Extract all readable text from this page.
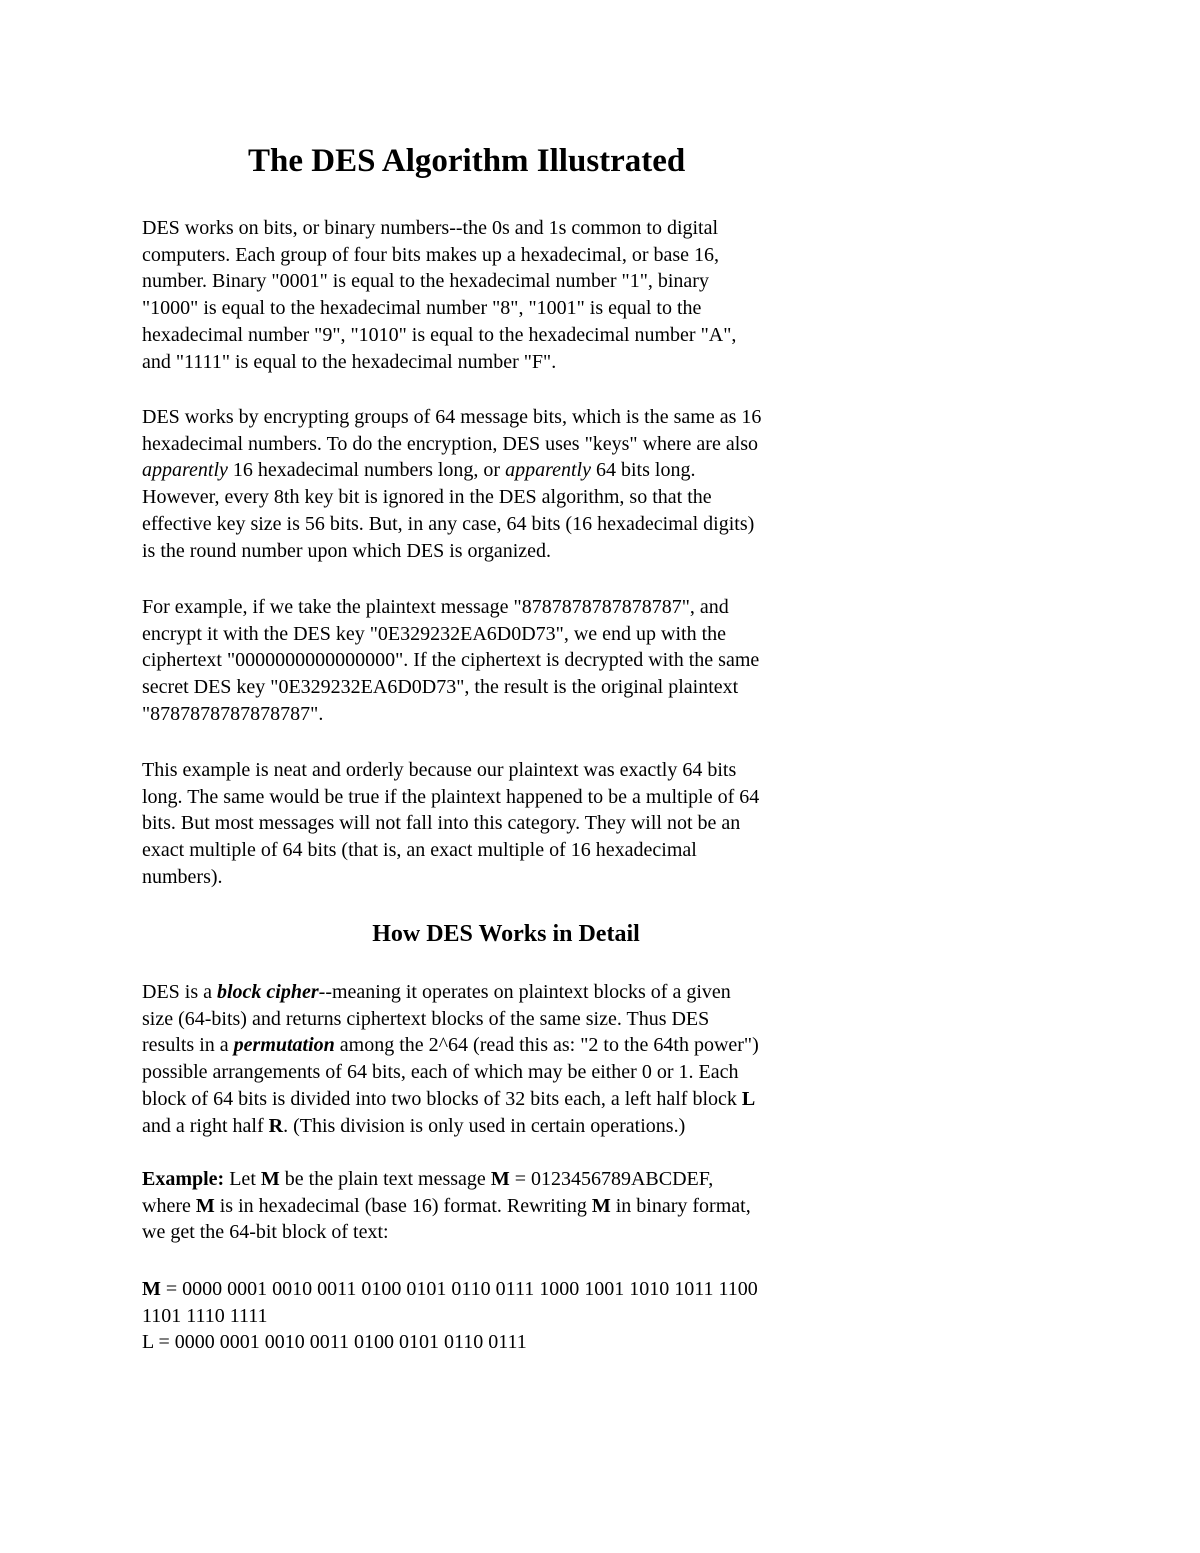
The DES Algorithm Illustrated

DES works on bits, or binary numbers--the 0s and 1s common to digital
computers. Each group of four bits makes up a hexadecimal, or base 16,
number. Binary "0001" is equal to the hexadecimal number "1", binary
"1000" is equal to the hexadecimal number "8", "1001" is equal to the
hexadecimal number "9", "1010" is equal to the hexadecimal number "A",
and "1111" is equal to the hexadecimal number "F".

DES works by encrypting groups of 64 message bits, which is the same as 16
hexadecimal numbers. To do the encryption, DES uses "keys" where are also
apparently 16 hexadecimal numbers long, or apparently 64 bits long.
However, every 8th key bit is ignored in the DES algorithm, so that the
effective key size is 56 bits. But, in any case, 64 bits (16 hexadecimal digits)
is the round number upon which DES is organized.

For example, if we take the plaintext message "8787878787878787", and
encrypt it with the DES key "0E329232EA6D0D73", we end up with the
ciphertext "0000000000000000". If the ciphertext is decrypted with the same
secret DES key "0E329232EA6D0D73", the result is the original plaintext
"8787878787878787".

This example is neat and orderly because our plaintext was exactly 64 bits
long. The same would be true if the plaintext happened to be a multiple of 64
bits. But most messages will not fall into this category. They will not be an
exact multiple of 64 bits (that is, an exact multiple of 16 hexadecimal
numbers).

How DES Works in Detail

DES is a block cipher--meaning it operates on plaintext blocks of a given
size (64-bits) and returns ciphertext blocks of the same size. Thus DES
results in a permutation among the 2^64 (read this as: "2 to the 64th power")
possible arrangements of 64 bits, each of which may be either 0 or 1. Each
block of 64 bits is divided into two blocks of 32 bits each, a left half block L
and a right half R. (This division is only used in certain operations.)

Example: Let M be the plain text message M = 0123456789ABCDEF,
where M is in hexadecimal (base 16) format. Rewriting M in binary format,
we get the 64-bit block of text:

M = 0000 0001 0010 0011 0100 0101 0110 0111 1000 1001 1010 1011 1100
1101 1110 1111
L = 0000 0001 0010 0011 0100 0101 0110 0111
